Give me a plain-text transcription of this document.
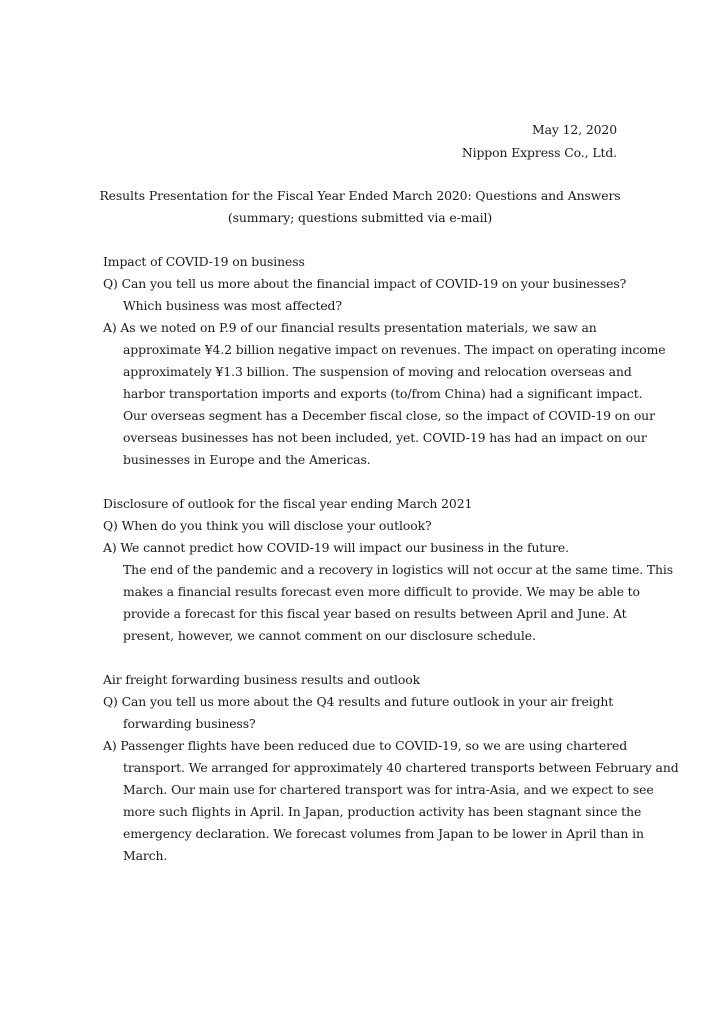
May 12, 2020
Nippon Express Co., Ltd.
Results Presentation for the Fiscal Year Ended March 2020: Questions and Answers
(summary; questions submitted via e-mail)
Impact of COVID-19 on business
Q) Can you tell us more about the financial impact of COVID-19 on your businesses?
Which business was most affected?
A) As we noted on P.9 of our financial results presentation materials, we saw an
approximate ¥4.2 billion negative impact on revenues. The impact on operating income
approximately ¥1.3 billion. The suspension of moving and relocation overseas and
harbor transportation imports and exports (to/from China) had a significant impact.
Our overseas segment has a December fiscal close, so the impact of COVID-19 on our
overseas businesses has not been included, yet. COVID-19 has had an impact on our
businesses in Europe and the Americas.
Disclosure of outlook for the fiscal year ending March 2021
Q) When do you think you will disclose your outlook?
A) We cannot predict how COVID-19 will impact our business in the future.
The end of the pandemic and a recovery in logistics will not occur at the same time. This
makes a financial results forecast even more difficult to provide. We may be able to
provide a forecast for this fiscal year based on results between April and June. At
present, however, we cannot comment on our disclosure schedule.
Air freight forwarding business results and outlook
Q) Can you tell us more about the Q4 results and future outlook in your air freight
forwarding business?
A) Passenger flights have been reduced due to COVID-19, so we are using chartered
transport. We arranged for approximately 40 chartered transports between February and
March. Our main use for chartered transport was for intra-Asia, and we expect to see
more such flights in April. In Japan, production activity has been stagnant since the
emergency declaration. We forecast volumes from Japan to be lower in April than in
March.
